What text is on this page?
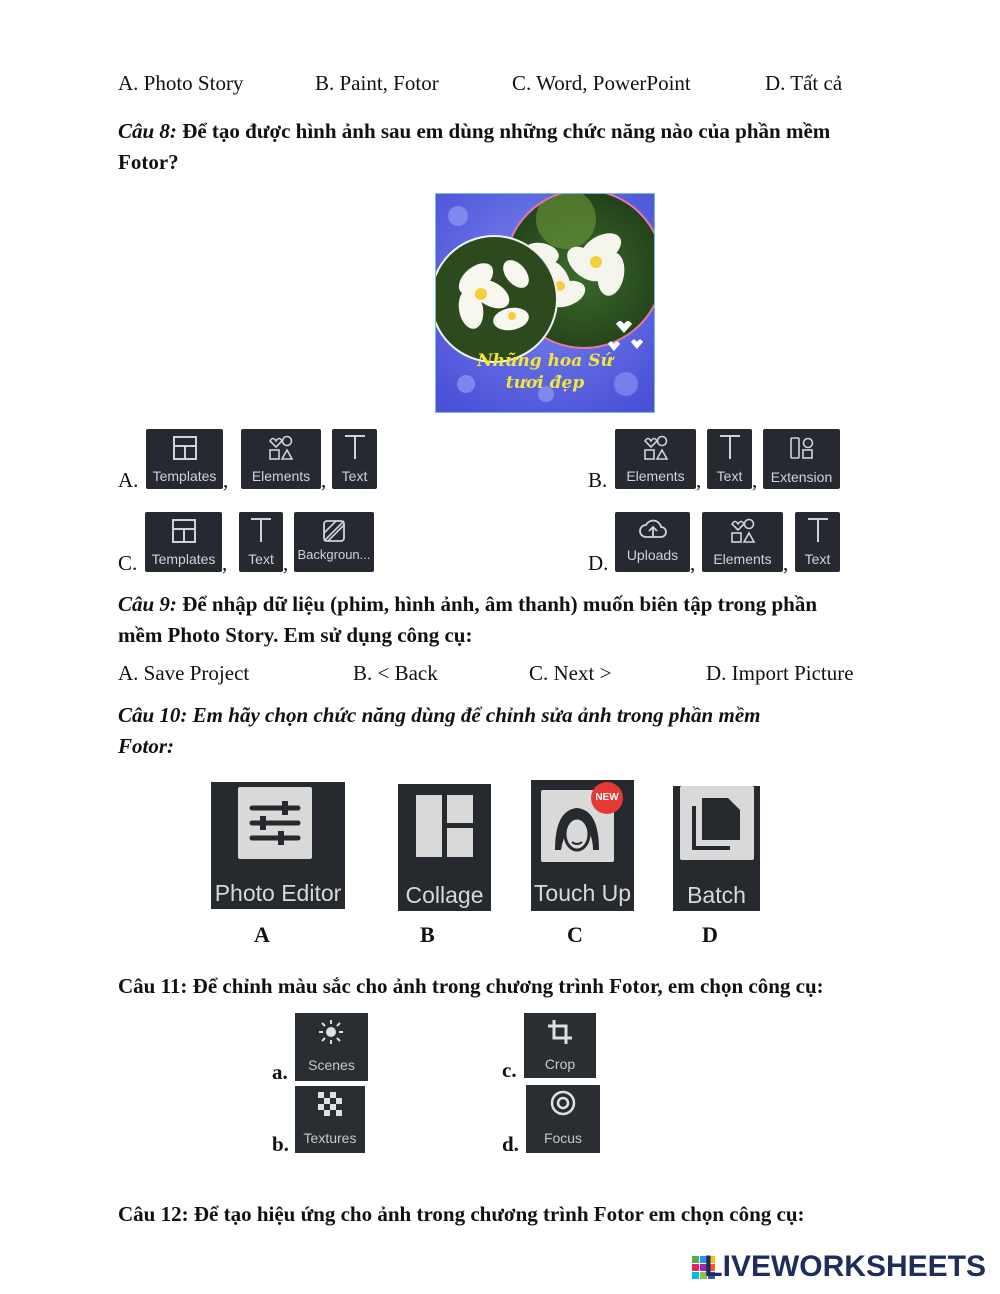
A. Photo Story	B. Paint, Fotor	C. Word, PowerPoint	D. Tất cả
Câu 8: Để tạo được hình ảnh sau em dùng những chức năng nào của phần mềm
Fotor?
Những hoa Sứ
tươi đẹp
A.	Templates ,	Elements ,	Text	B.	Elements ,	Text , Extension
C.	Templates ,	Text , Backgroun...	D.	Uploads ,	Elements ,	Text
Câu 9: Để nhập dữ liệu (phim, hình ảnh, âm thanh) muốn biên tập trong phần
mềm Photo Story. Em sử dụng công cụ:
A. Save Project	B. < Back	C. Next >	D. Import Picture
Câu 10: Em hãy chọn chức năng dùng để chỉnh sửa ảnh trong phần mềm
Fotor:
Photo Editor	Collage
NEW
Touch Up	Batch
A	B	C	D
Câu 11: Để chỉnh màu sắc cho ảnh trong chương trình Fotor, em chọn công cụ:
a.	Scenes
b.	Textures
c.	Crop
d.	Focus
Câu 12: Để tạo hiệu ứng cho ảnh trong chương trình Fotor em chọn công cụ:
LIVEWORKSHEETS
